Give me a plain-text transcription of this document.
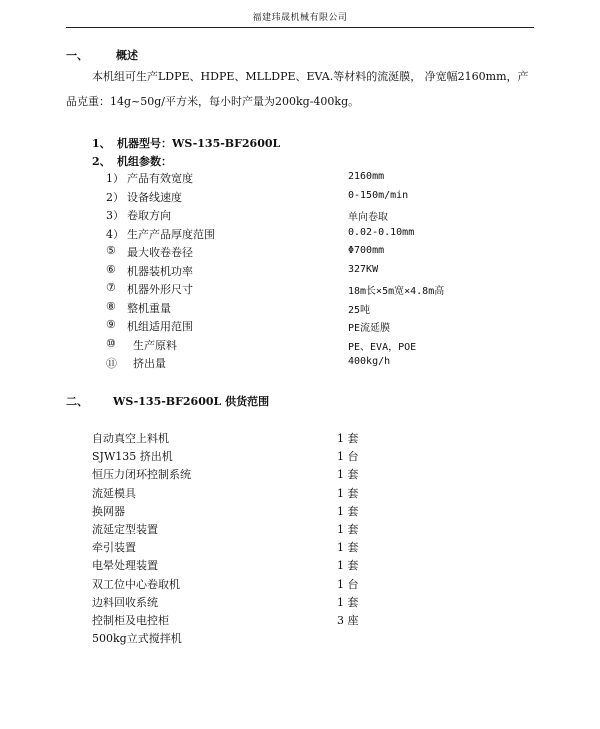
福建玮晟机械有限公司
一、	概述
本机组可生产LDPE、HDPE、MLLDPE、EVA.等材料的流涎膜， 净宽幅2160mm，产
品克重：14g~50g/平方米，每小时产量为200kg-400kg。
1、 机器型号：WS-135-BF2600L
2、 机组参数：
1） 产品有效宽度	2160mm
2） 设备线速度	0-150m/min
3） 卷取方向	单向卷取
4） 生产产品厚度范围	0.02-0.10mm
⑤ 最大收卷卷径	Φ700mm
⑥ 机器装机功率	327KW
⑦ 机器外形尺寸	18m长×5m宽×4.8m高
⑧ 整机重量	25吨
⑨ 机组适用范围	PE流延膜
⑩ 生产原料	PE、EVA，POE
⑪ 挤出量	400kg/h
二、 WS-135-BF2600L 供货范围
自动真空上料机	1 套
SJW135 挤出机	1 台
恒压力闭环控制系统	1 套
流延模具	1 套
换网器	1 套
流延定型装置	1 套
牵引装置	1 套
电晕处理装置	1 套
双工位中心卷取机	1 台
边料回收系统	1 套
控制柜及电控柜	3 座
500kg立式搅拌机
